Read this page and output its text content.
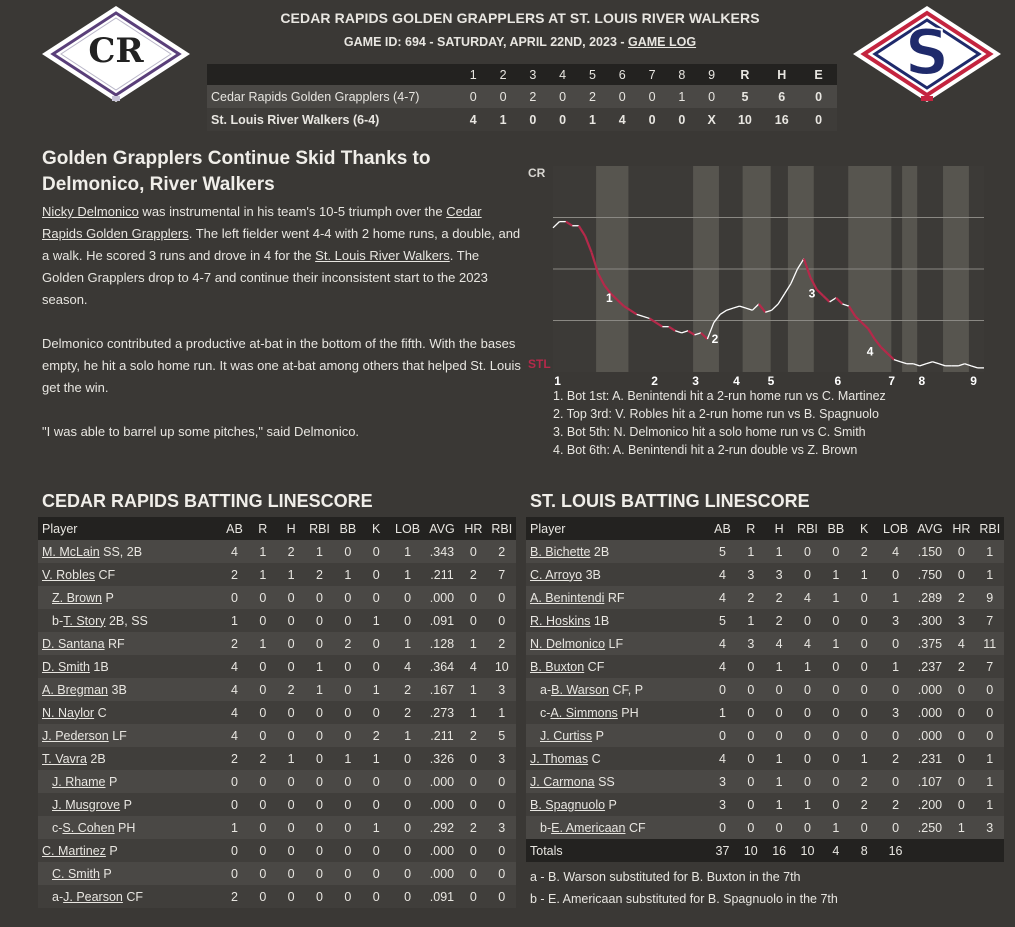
CR	S
CEDAR RAPIDS GOLDEN GRAPPLERS AT ST. LOUIS RIVER WALKERS
GAME ID: 694 - SATURDAY, APRIL 22ND, 2023 - GAME LOG
	1	2	3	4	5	6	7	8	9	R	H	E
Cedar Rapids Golden Grapplers (4-7)	0	0	2	0	2	0	0	1	0	5	6	0
St. Louis River Walkers (6-4)	4	1	0	0	1	4	0	0	X	10	16	0
Golden Grapplers Continue Skid Thanks to Delmonico, River Walkers

Nicky Delmonico was instrumental in his team's 10-5 triumph over the Cedar Rapids Golden Grapplers. The left fielder went 4-4 with 2 home runs, a double, and a walk. He scored 3 runs and drove in 4 for the St. Louis River Walkers. The Golden Grapplers drop to 4-7 and continue their inconsistent start to the 2023 season.

Delmonico contributed a productive at-bat in the bottom of the fifth. With the bases empty, he hit a solo home run. It was one at-bat among others that helped St. Louis get the win.

"I was able to barrel up some pitches," said Delmonico.

CR
STL
1	2	3	4 5	6	7 8	9
1
2
3
4
1. Bot 1st: A. Benintendi hit a 2-run home run vs C. Martinez
2. Top 3rd: V. Robles hit a 2-run home run vs B. Spagnuolo
3. Bot 5th: N. Delmonico hit a solo home run vs C. Smith
4. Bot 6th: A. Benintendi hit a 2-run double vs Z. Brown
CEDAR RAPIDS BATTING LINESCORE
Player	AB	R	H	RBI	BB	K	LOB	AVG	HR	RBI
M. McLain SS, 2B	4	1	2	1	0	0	1	.343	0	2
V. Robles CF	2	1	1	2	1	0	1	.211	2	7
Z. Brown P	0	0	0	0	0	0	0	.000	0	0
b-T. Story 2B, SS	1	0	0	0	0	1	0	.091	0	0
D. Santana RF	2	1	0	0	2	0	1	.128	1	2
D. Smith 1B	4	0	0	1	0	0	4	.364	4	10
A. Bregman 3B	4	0	2	1	0	1	2	.167	1	3
N. Naylor C	4	0	0	0	0	0	2	.273	1	1
J. Pederson LF	4	0	0	0	0	2	1	.211	2	5
T. Vavra 2B	2	2	1	0	1	1	0	.326	0	3
J. Rhame P	0	0	0	0	0	0	0	.000	0	0
J. Musgrove P	0	0	0	0	0	0	0	.000	0	0
c-S. Cohen PH	1	0	0	0	0	1	0	.292	2	3
C. Martinez P	0	0	0	0	0	0	0	.000	0	0
C. Smith P	0	0	0	0	0	0	0	.000	0	0
a-J. Pearson CF	2	0	0	0	0	0	0	.091	0	0
ST. LOUIS BATTING LINESCORE
Player	AB	R	H	RBI	BB	K	LOB	AVG	HR	RBI
B. Bichette 2B	5	1	1	0	0	2	4	.150	0	1
C. Arroyo 3B	4	3	3	0	1	1	0	.750	0	1
A. Benintendi RF	4	2	2	4	1	0	1	.289	2	9
R. Hoskins 1B	5	1	2	0	0	0	3	.300	3	7
N. Delmonico LF	4	3	4	4	1	0	0	.375	4	11
B. Buxton CF	4	0	1	1	0	0	1	.237	2	7
a-B. Warson CF, P	0	0	0	0	0	0	0	.000	0	0
c-A. Simmons PH	1	0	0	0	0	0	3	.000	0	0
J. Curtiss P	0	0	0	0	0	0	0	.000	0	0
J. Thomas C	4	0	1	0	0	1	2	.231	0	1
J. Carmona SS	3	0	1	0	0	2	0	.107	0	1
B. Spagnuolo P	3	0	1	1	0	2	2	.200	0	1
b-E. Americaan CF	0	0	0	0	1	0	0	.250	1	3
Totals	37	10	16	10	4	8	16			
a - B. Warson substituted for B. Buxton in the 7th
b - E. Americaan substituted for B. Spagnuolo in the 7th
